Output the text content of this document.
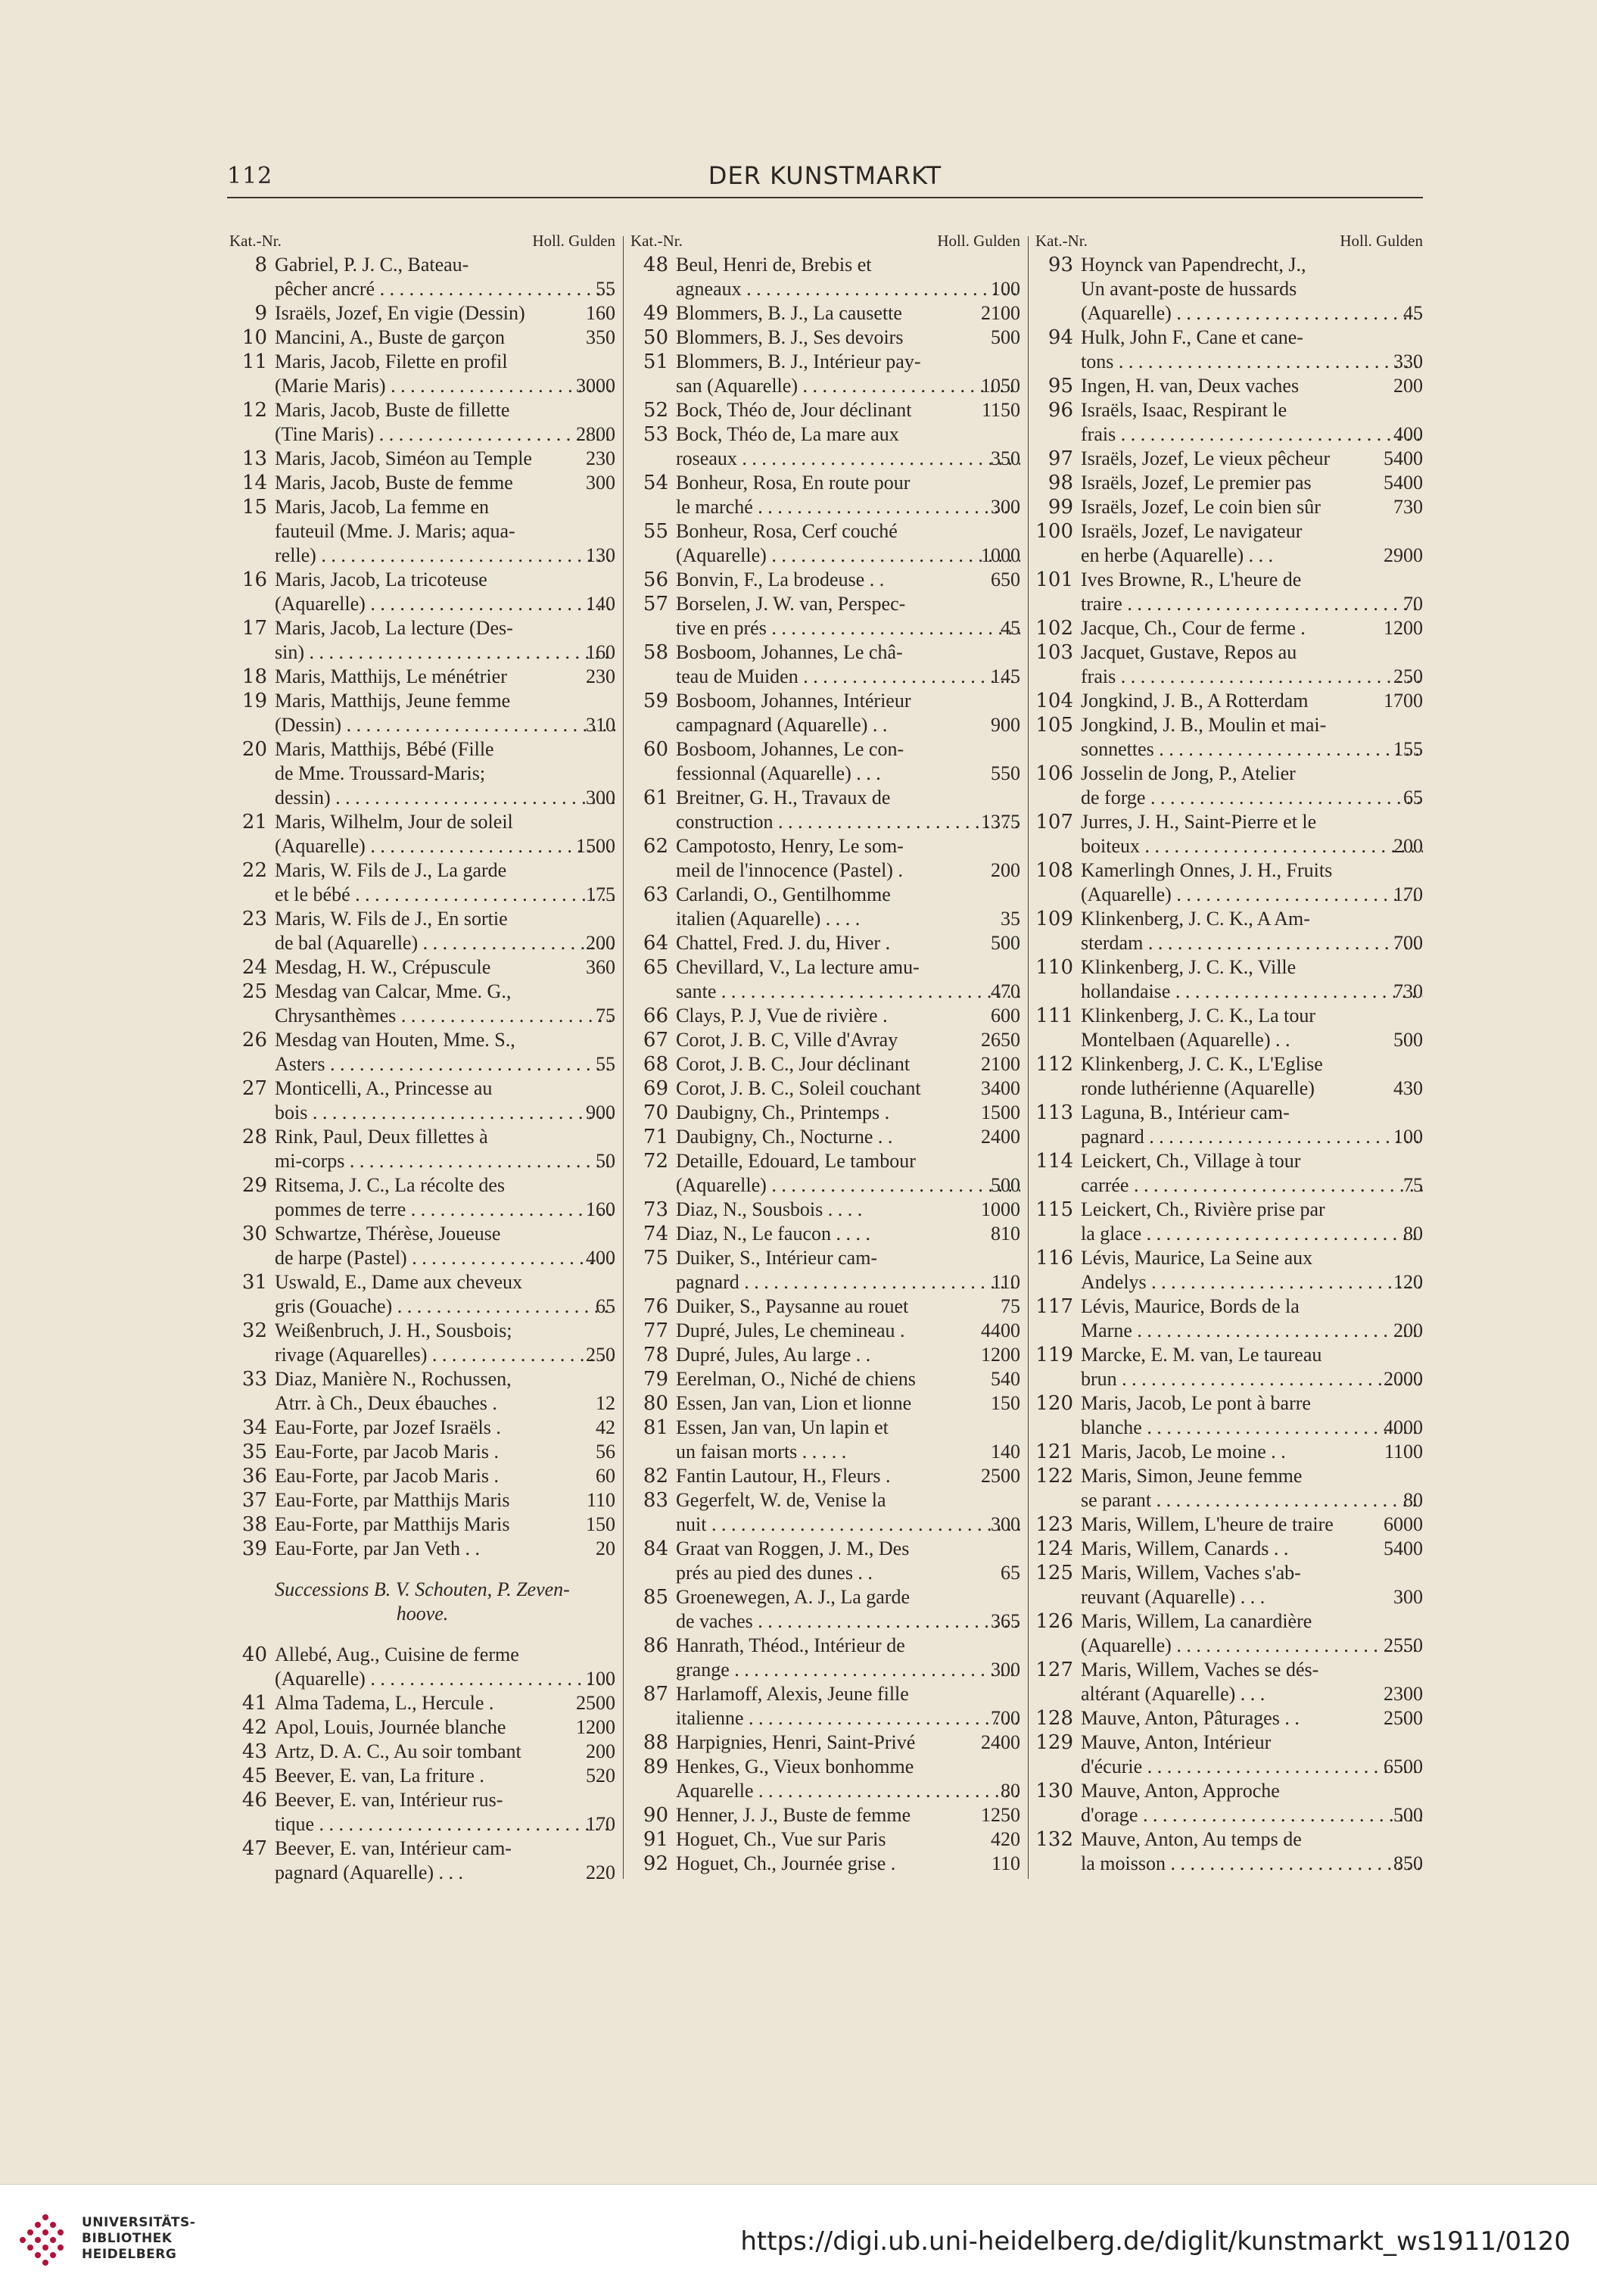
112	DER KUNSTMARKT
Kat.-Nr.	Holl. Gulden
8 Gabriel, P. J. C., Bateau-
pêcher ancré . . .	55
9 Israëls, Jozef, En vigie (Dessin)	160
10 Mancini, A., Buste de garçon	350
11 Maris, Jacob, Filette en profil
(Marie Maris) . . .	3000
12 Maris, Jacob, Buste de fillette
(Tine Maris) . . .	2800
13 Maris, Jacob, Siméon au Temple	230
14 Maris, Jacob, Buste de femme	300
15 Maris, Jacob, La femme en
fauteuil (Mme. J. Maris; aqua-
relle) . . .	130
16 Maris, Jacob, La tricoteuse
(Aquarelle) . . .	140
17 Maris, Jacob, La lecture (Des-
sin) . . .	160
18 Maris, Matthijs, Le ménétrier	230
19 Maris, Matthijs, Jeune femme
(Dessin) . . .	310
20 Maris, Matthijs, Bébé (Fille
de Mme. Troussard-Maris;
dessin) . . .	300
21 Maris, Wilhelm, Jour de soleil
(Aquarelle) . . .	1500
22 Maris, W. Fils de J., La garde
et le bébé . . .	175
23 Maris, W. Fils de J., En sortie
de bal (Aquarelle) . . .	200
24 Mesdag, H. W., Crépuscule	360
25 Mesdag van Calcar, Mme. G.,
Chrysanthèmes . . .	75
26 Mesdag van Houten, Mme. S.,
Asters . . .	55
27 Monticelli, A., Princesse au
bois . . .	900
28 Rink, Paul, Deux fillettes à
mi-corps . . .	50
29 Ritsema, J. C., La récolte des
pommes de terre . . .	160
30 Schwartze, Thérèse, Joueuse
de harpe (Pastel) . . .	400
31 Uswald, E., Dame aux cheveux
gris (Gouache) . . .	65
32 Weißenbruch, J. H., Sousbois;
rivage (Aquarelles) . . .	250
33 Diaz, Manière N., Rochussen,
Atrr. à Ch., Deux ébauches .	12
34 Eau-Forte, par Jozef Israëls .	42
35 Eau-Forte, par Jacob Maris .	56
36 Eau-Forte, par Jacob Maris .	60
37 Eau-Forte, par Matthijs Maris	110
38 Eau-Forte, par Matthijs Maris	150
39 Eau-Forte, par Jan Veth . .	20
Successions B. V. Schouten, P. Zeven-
hoove.
40 Allebé, Aug., Cuisine de ferme
(Aquarelle) . . .	100
41 Alma Tadema, L., Hercule .	2500
42 Apol, Louis, Journée blanche	1200
43 Artz, D. A. C., Au soir tombant	200
45 Beever, E. van, La friture .	520
46 Beever, E. van, Intérieur rus-
tique . . .	170
47 Beever, E. van, Intérieur cam-
pagnard (Aquarelle) . . .	220
Kat.-Nr.	Holl. Gulden
48 Beul, Henri de, Brebis et
agneaux . . .	100
49 Blommers, B. J., La causette	2100
50 Blommers, B. J., Ses devoirs	500
51 Blommers, B. J., Intérieur pay-
san (Aquarelle) . . .	1050
52 Bock, Théo de, Jour déclinant	1150
53 Bock, Théo de, La mare aux
roseaux . . .	350
54 Bonheur, Rosa, En route pour
le marché . . .	300
55 Bonheur, Rosa, Cerf couché
(Aquarelle) . . .	1000
56 Bonvin, F., La brodeuse . .	650
57 Borselen, J. W. van, Perspec-
tive en prés . . .	45
58 Bosboom, Johannes, Le châ-
teau de Muiden . . .	145
59 Bosboom, Johannes, Intérieur
campagnard (Aquarelle) . .	900
60 Bosboom, Johannes, Le con-
fessionnal (Aquarelle) . . .	550
61 Breitner, G. H., Travaux de
construction . . .	1375
62 Campotosto, Henry, Le som-
meil de l'innocence (Pastel) .	200
63 Carlandi, O., Gentilhomme
italien (Aquarelle) . . . .	35
64 Chattel, Fred. J. du, Hiver .	500
65 Chevillard, V., La lecture amu-
sante . . .	470
66 Clays, P. J, Vue de rivière .	600
67 Corot, J. B. C, Ville d'Avray	2650
68 Corot, J. B. C., Jour déclinant	2100
69 Corot, J. B. C., Soleil couchant	3400
70 Daubigny, Ch., Printemps .	1500
71 Daubigny, Ch., Nocturne . .	2400
72 Detaille, Edouard, Le tambour
(Aquarelle) . . .	500
73 Diaz, N., Sousbois . . . .	1000
74 Diaz, N., Le faucon . . . .	810
75 Duiker, S., Intérieur cam-
pagnard . . .	110
76 Duiker, S., Paysanne au rouet	75
77 Dupré, Jules, Le chemineau .	4400
78 Dupré, Jules, Au large . .	1200
79 Eerelman, O., Niché de chiens	540
80 Essen, Jan van, Lion et lionne	150
81 Essen, Jan van, Un lapin et
un faisan morts . . . . .	140
82 Fantin Lautour, H., Fleurs .	2500
83 Gegerfelt, W. de, Venise la
nuit . . .	300
84 Graat van Roggen, J. M., Des
prés au pied des dunes . .	65
85 Groenewegen, A. J., La garde
de vaches . . .	365
86 Hanrath, Théod., Intérieur de
grange . . .	300
87 Harlamoff, Alexis, Jeune fille
italienne . . .	700
88 Harpignies, Henri, Saint-Privé	2400
89 Henkes, G., Vieux bonhomme
Aquarelle . . .	80
90 Henner, J. J., Buste de femme	1250
91 Hoguet, Ch., Vue sur Paris	420
92 Hoguet, Ch., Journée grise .	110
Kat.-Nr.	Holl. Gulden
93 Hoynck van Papendrecht, J.,
Un avant-poste de hussards
(Aquarelle) . . .	45
94 Hulk, John F., Cane et cane-
tons . . .	330
95 Ingen, H. van, Deux vaches	200
96 Israëls, Isaac, Respirant le
frais . . .	400
97 Israëls, Jozef, Le vieux pêcheur	5400
98 Israëls, Jozef, Le premier pas	5400
99 Israëls, Jozef, Le coin bien sûr	730
100 Israëls, Jozef, Le navigateur
en herbe (Aquarelle) . . .	2900
101 Ives Browne, R., L'heure de
traire . . .	70
102 Jacque, Ch., Cour de ferme .	1200
103 Jacquet, Gustave, Repos au
frais . . .	250
104 Jongkind, J. B., A Rotterdam	1700
105 Jongkind, J. B., Moulin et mai-
sonnettes . . .	155
106 Josselin de Jong, P., Atelier
de forge . . .	65
107 Jurres, J. H., Saint-Pierre et le
boiteux . . .	200
108 Kamerlingh Onnes, J. H., Fruits
(Aquarelle) . . .	170
109 Klinkenberg, J. C. K., A Am-
sterdam . . .	700
110 Klinkenberg, J. C. K., Ville
hollandaise . . .	730
111 Klinkenberg, J. C. K., La tour
Montelbaen (Aquarelle) . .	500
112 Klinkenberg, J. C. K., L'Eglise
ronde luthérienne (Aquarelle)	430
113 Laguna, B., Intérieur cam-
pagnard . . .	100
114 Leickert, Ch., Village à tour
carrée . . .	75
115 Leickert, Ch., Rivière prise par
la glace . . .	80
116 Lévis, Maurice, La Seine aux
Andelys . . .	120
117 Lévis, Maurice, Bords de la
Marne . . .	200
119 Marcke, E. M. van, Le taureau
brun . . .	2000
120 Maris, Jacob, Le pont à barre
blanche . . .	4000
121 Maris, Jacob, Le moine . .	1100
122 Maris, Simon, Jeune femme
se parant . . .	80
123 Maris, Willem, L'heure de traire	6000
124 Maris, Willem, Canards . .	5400
125 Maris, Willem, Vaches s'ab-
reuvant (Aquarelle) . . .	300
126 Maris, Willem, La canardière
(Aquarelle) . . .	2550
127 Maris, Willem, Vaches se dés-
altérant (Aquarelle) . . .	2300
128 Mauve, Anton, Pâturages . .	2500
129 Mauve, Anton, Intérieur
d'écurie . . .	6500
130 Mauve, Anton, Approche
d'orage . . .	500
132 Mauve, Anton, Au temps de
la moisson . . .	850
UNIVERSITÄTS-
BIBLIOTHEK
HEIDELBERG	https://digi.ub.uni-heidelberg.de/diglit/kunstmarkt_ws1911/0120
